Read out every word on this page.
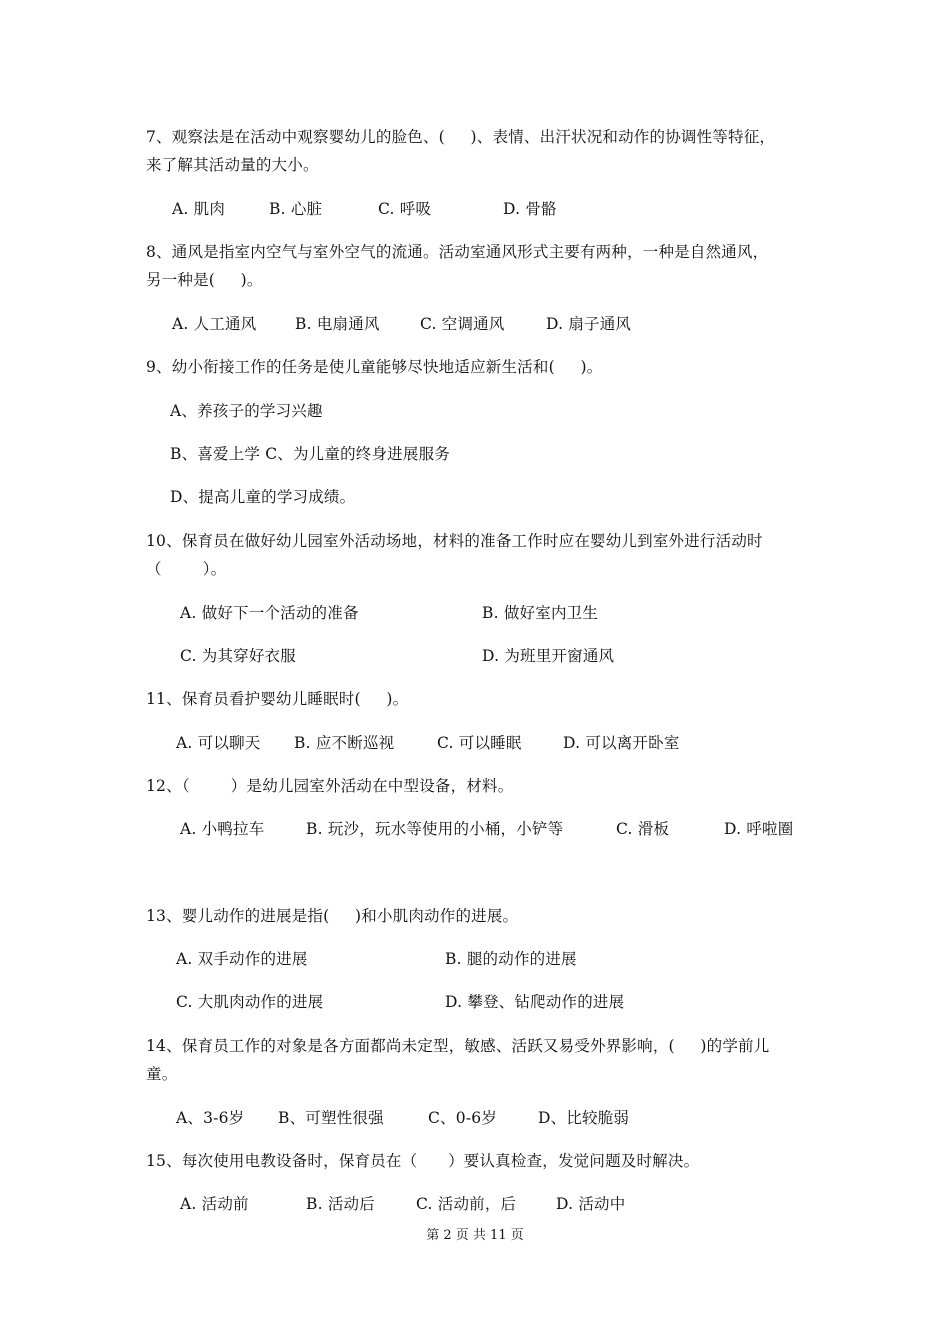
7、观察法是在活动中观察婴幼儿的脸色、(     )、表情、出汗状况和动作的协调性等特征，
来了解其活动量的大小。
A. 肌肉	B. 心脏	C. 呼吸	D. 骨骼
8、通风是指室内空气与室外空气的流通。活动室通风形式主要有两种，一种是自然通风，
另一种是(     )。
A. 人工通风 B. 电扇通风	C. 空调通风	D. 扇子通风
9、幼小衔接工作的任务是使儿童能够尽快地适应新生活和(     )。
A、养孩子的学习兴趣
B、喜爱上学 C、为儿童的终身进展服务
D、提高儿童的学习成绩。
10、保育员在做好幼儿园室外活动场地，材料的准备工作时应在婴幼儿到室外进行活动时
（        ）。
A. 做好下一个活动的准备	B. 做好室内卫生
C. 为其穿好衣服	D. 为班里开窗通风
11、保育员看护婴幼儿睡眠时(     )。
A. 可以聊天 B. 应不断巡视	C. 可以睡眠	D. 可以离开卧室
12、（        ）是幼儿园室外活动在中型设备，材料。
A. 小鸭拉车	B. 玩沙，玩水等使用的小桶，小铲等	C. 滑板	D. 呼啦圈
13、婴儿动作的进展是指(     )和小肌肉动作的进展。
A. 双手动作的进展	B. 腿的动作的进展
C. 大肌肉动作的进展	D. 攀登、钻爬动作的进展
14、保育员工作的对象是各方面都尚未定型，敏感、活跃又易受外界影响，(     )的学前儿
童。
A、3-6岁 B、可塑性很强	C、0-6岁	D、比较脆弱
15、每次使用电教设备时，保育员在（      ）要认真检查，发觉问题及时解决。
A. 活动前	B. 活动后	C. 活动前，后	D. 活动中
第 2 页 共 11 页
